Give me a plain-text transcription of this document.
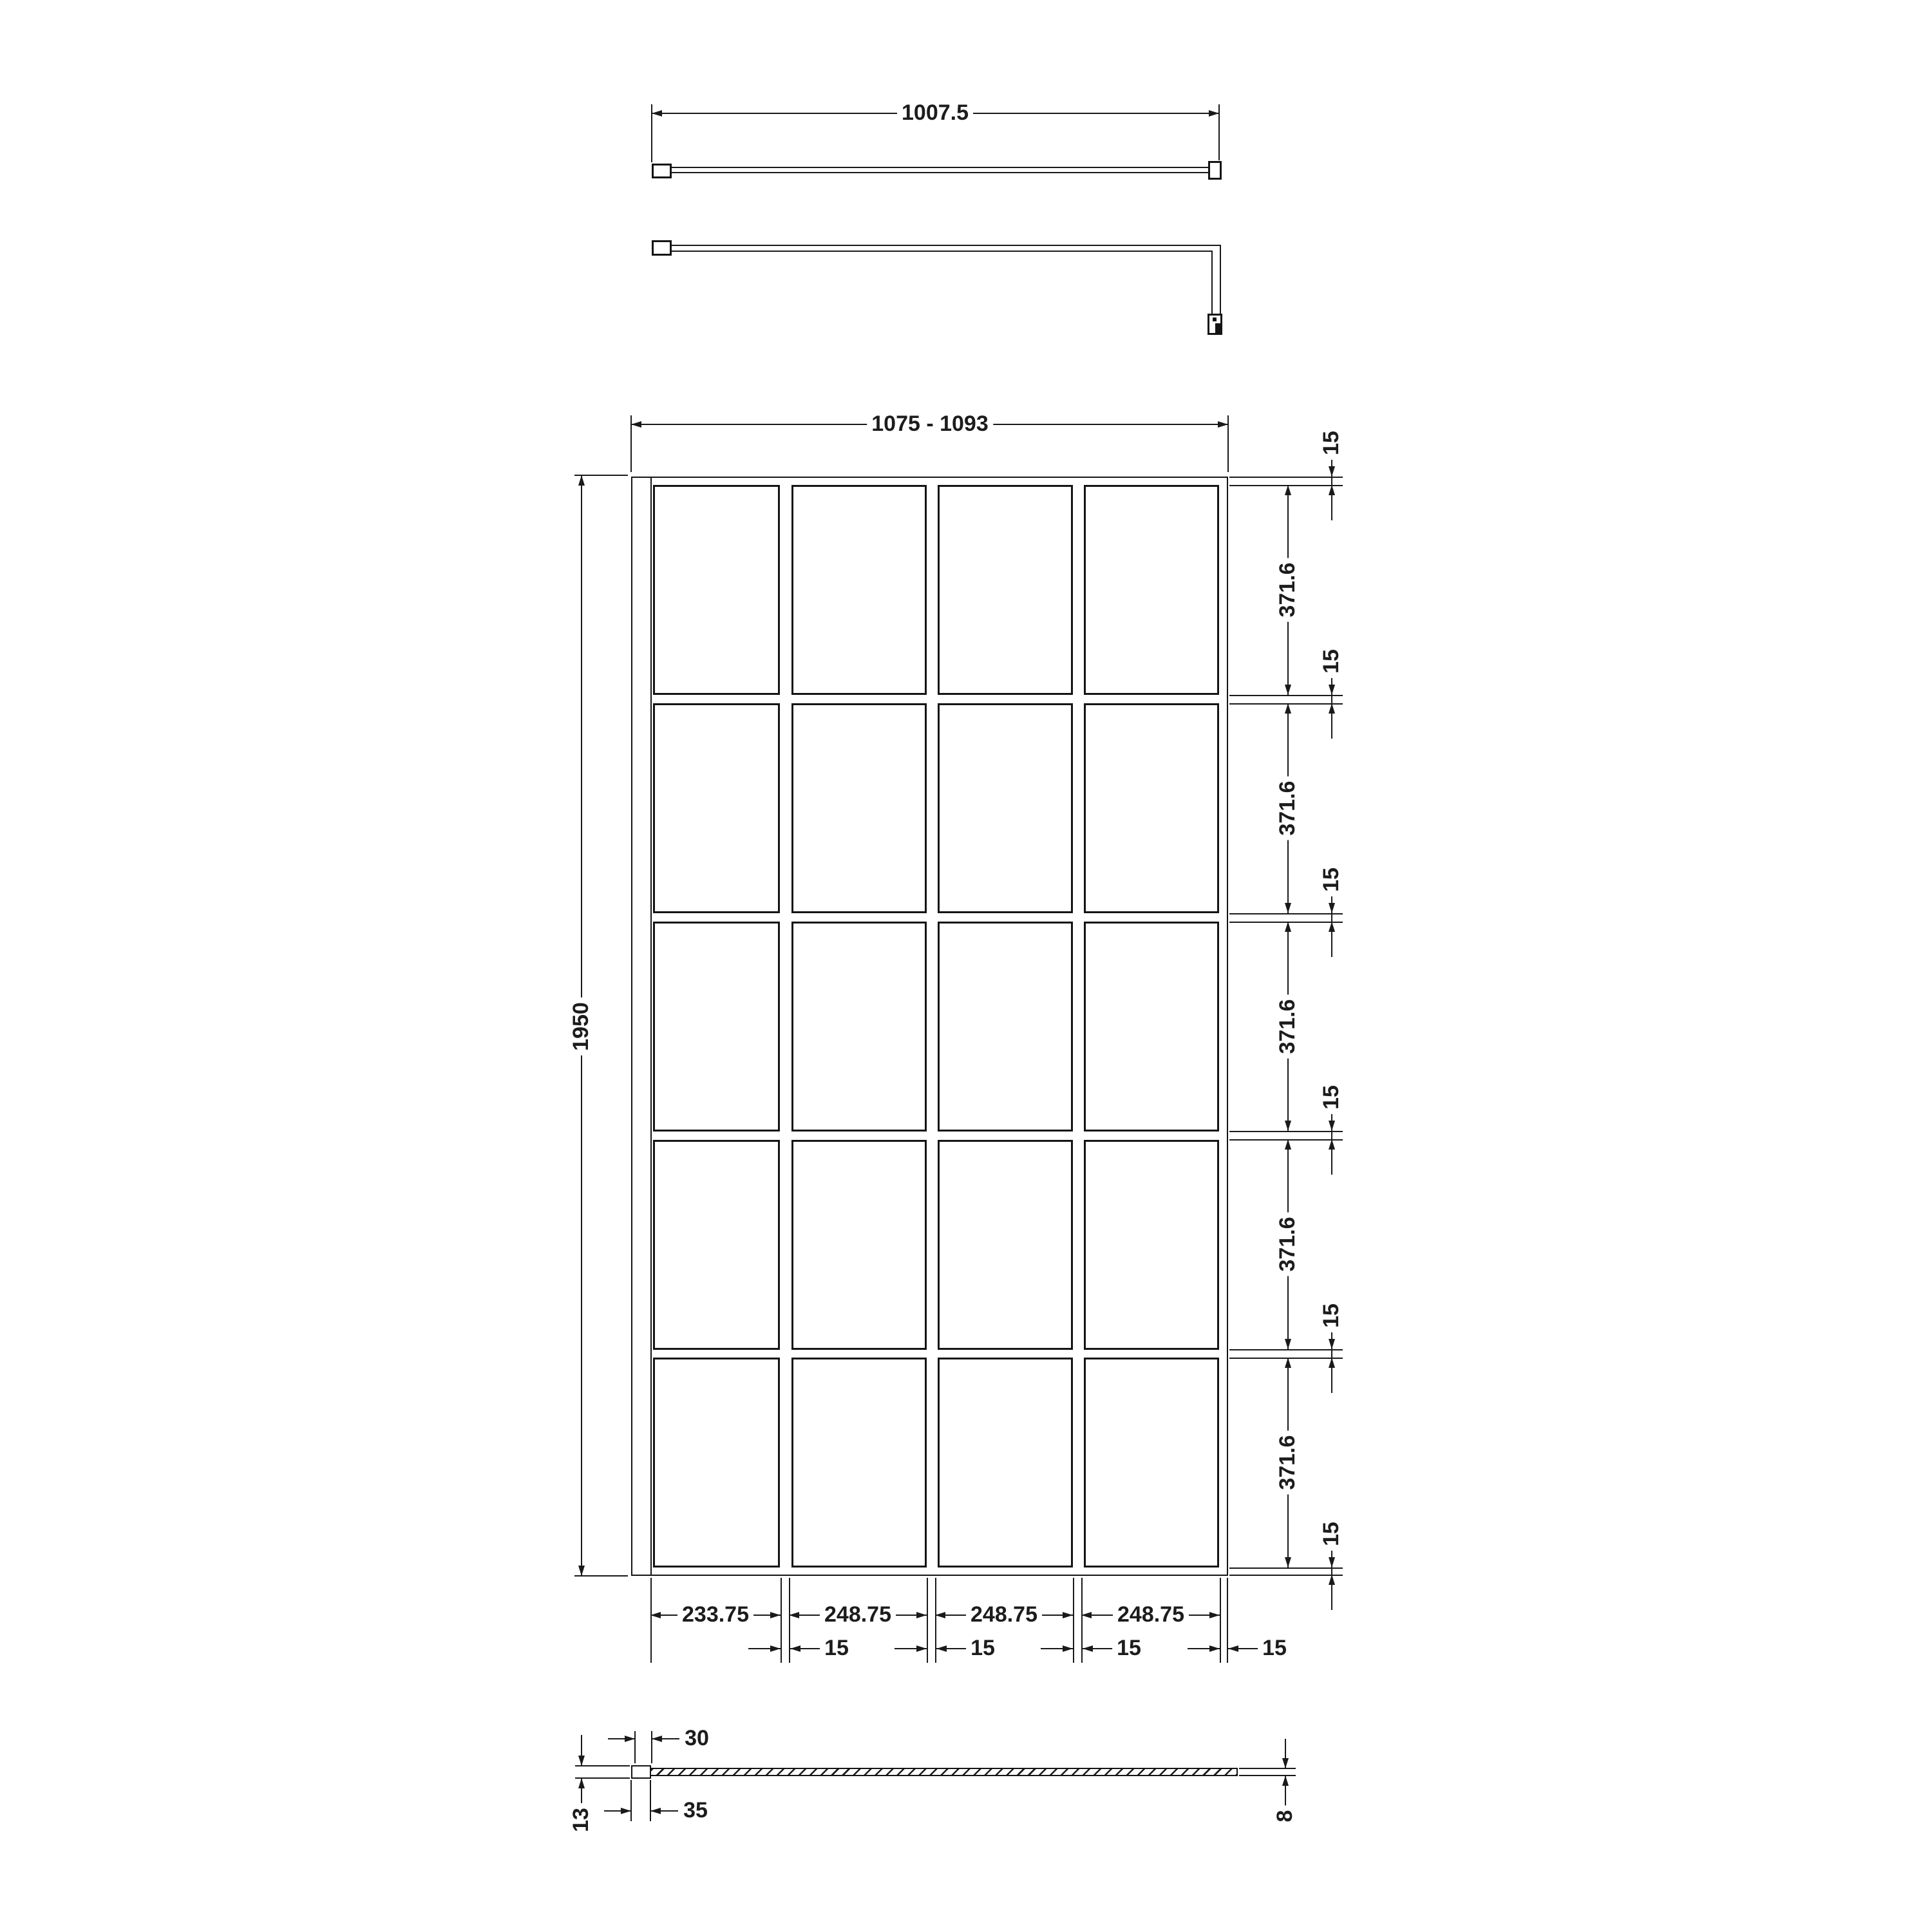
1007.5
1075 - 1093
1950
15
15
15
15
15
15
371.6
371.6
371.6
371.6
371.6
233.75	248.75	248.75	248.75
15	15	15	15
30
35
13	8
